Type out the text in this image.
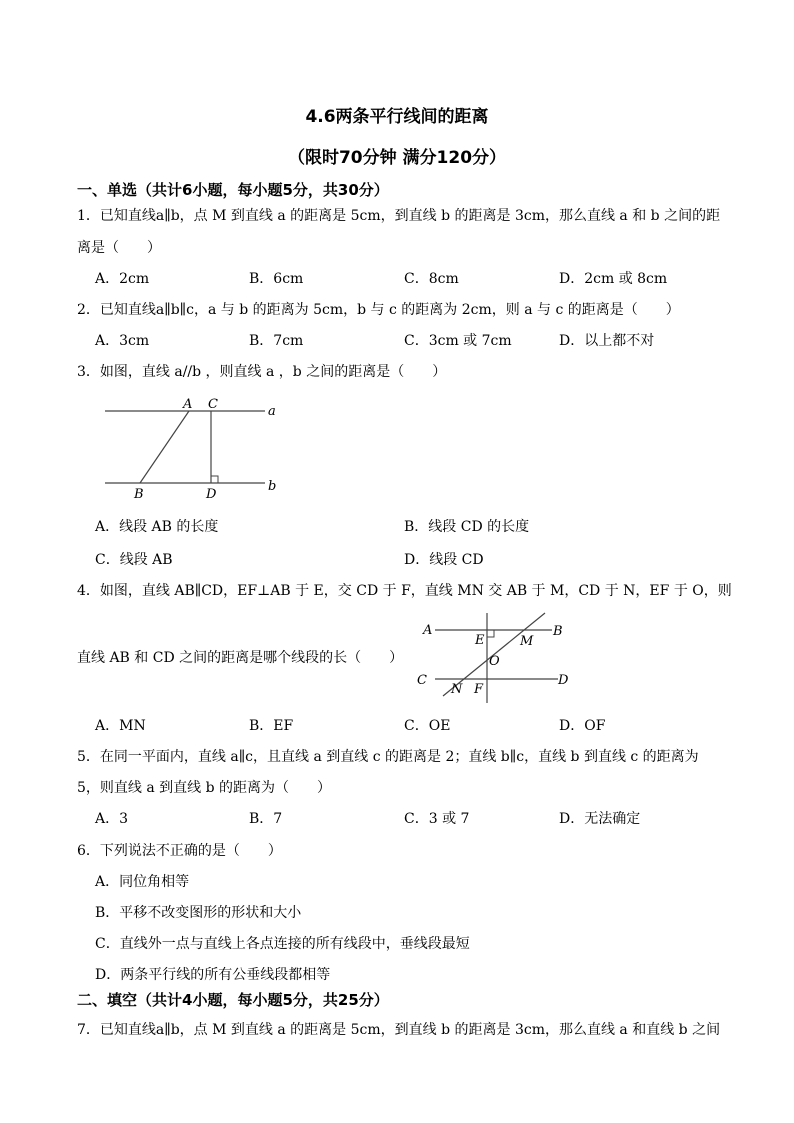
4.6两条平行线间的距离
（限时70分钟 满分120分）
一、单选（共计6小题，每小题5分，共30分）
1．已知直线a∥b，点 M 到直线 a 的距离是 5cm，到直线 b 的距离是 3cm，那么直线 a 和 b 之间的距
离是（　　）
A．2cm	B．6cm	C．8cm	D．2cm 或 8cm
2．已知直线a∥b∥c，a 与 b 的距离为 5cm，b 与 c 的距离为 2cm，则 a 与 c 的距离是（　　）
A．3cm	B．7cm	C．3cm 或 7cm	D．以上都不对
3．如图，直线 a//b ，则直线 a ，b 之间的距离是（　　）
A C	a
B	D
b
A．线段 AB 的长度	B．线段 CD 的长度
C．线段 AB	D．线段 CD
4．如图，直线 AB∥CD，EF⊥AB 于 E，交 CD 于 F，直线 MN 交 AB 于 M，CD 于 N，EF 于 O，则
A
E	M
B
O
C
N F
D
直线 AB 和 CD 之间的距离是哪个线段的长（　　）
A．MN	B．EF	C．OE	D．OF
5．在同一平面内，直线 a∥c，且直线 a 到直线 c 的距离是 2；直线 b∥c，直线 b 到直线 c 的距离为
5，则直线 a 到直线 b 的距离为（　　）
A．3	B．7	C．3 或 7	D．无法确定
6．下列说法不正确的是（　　）
A．同位角相等
B．平移不改变图形的形状和大小
C．直线外一点与直线上各点连接的所有线段中，垂线段最短
D．两条平行线的所有公垂线段都相等
二、填空（共计4小题，每小题5分，共25分）
7．已知直线a∥b，点 M 到直线 a 的距离是 5cm，到直线 b 的距离是 3cm，那么直线 a 和直线 b 之间
